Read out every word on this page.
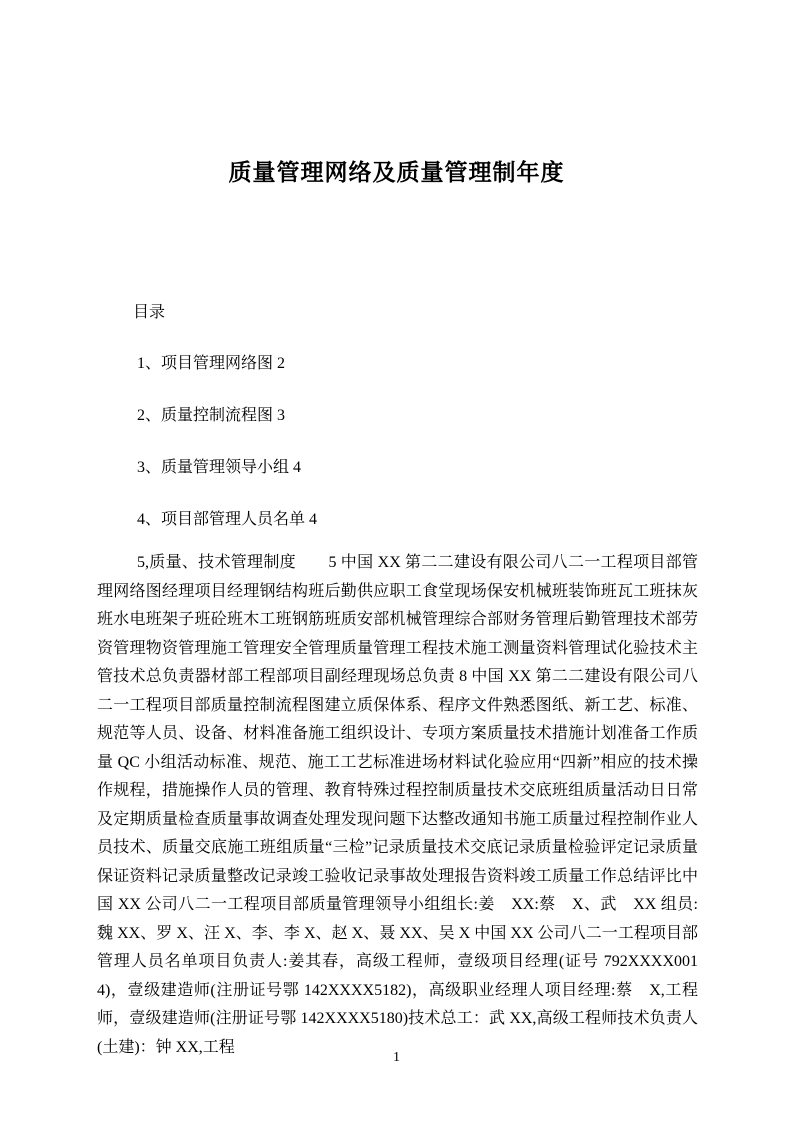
质量管理网络及质量管理制年度
目录
1、项目管理网络图 2
2、质量控制流程图 3
3、质量管理领导小组 4
4、项目部管理人员名单 4
5,质量、技术管理制度　　5 中国 XX 第二二建设有限公司八二一工程项目部管理网络图经理项目经理钢结构班后勤供应职工食堂现场保安机械班装饰班瓦工班抹灰班水电班架子班砼班木工班钢筋班质安部机械管理综合部财务管理后勤管理技术部劳资管理物资管理施工管理安全管理质量管理工程技术施工测量资料管理试化验技术主管技术总负责器材部工程部项目副经理现场总负责 8 中国 XX 第二二建设有限公司八二一工程项目部质量控制流程图建立质保体系、程序文件熟悉图纸、新工艺、标准、规范等人员、设备、材料准备施工组织设计、专项方案质量技术措施计划准备工作质量 QC 小组活动标准、规范、施工工艺标准进场材料试化验应用“四新”相应的技术操作规程，措施操作人员的管理、教育特殊过程控制质量技术交底班组质量活动日日常及定期质量检查质量事故调查处理发现问题下达整改通知书施工质量过程控制作业人员技术、质量交底施工班组质量“三检”记录质量技术交底记录质量检验评定记录质量保证资料记录质量整改记录竣工验收记录事故处理报告资料竣工质量工作总结评比中国 XX 公司八二一工程项目部质量管理领导小组组长:姜　XX:蔡　X、武　XX 组员:魏 XX、罗 X、汪 X、李、李 X、赵 X、聂 XX、吴 X 中国 XX 公司八二一工程项目部管理人员名单项目负责人:姜其春，高级工程师，壹级项目经理(证号 792XXXX0014)，壹级建造师(注册证号鄂 142XXXX5182)，高级职业经理人项目经理:蔡　X,工程师，壹级建造师(注册证号鄂 142XXXX5180)技术总工：武 XX,高级工程师技术负责人(土建)：钟 XX,工程
1
